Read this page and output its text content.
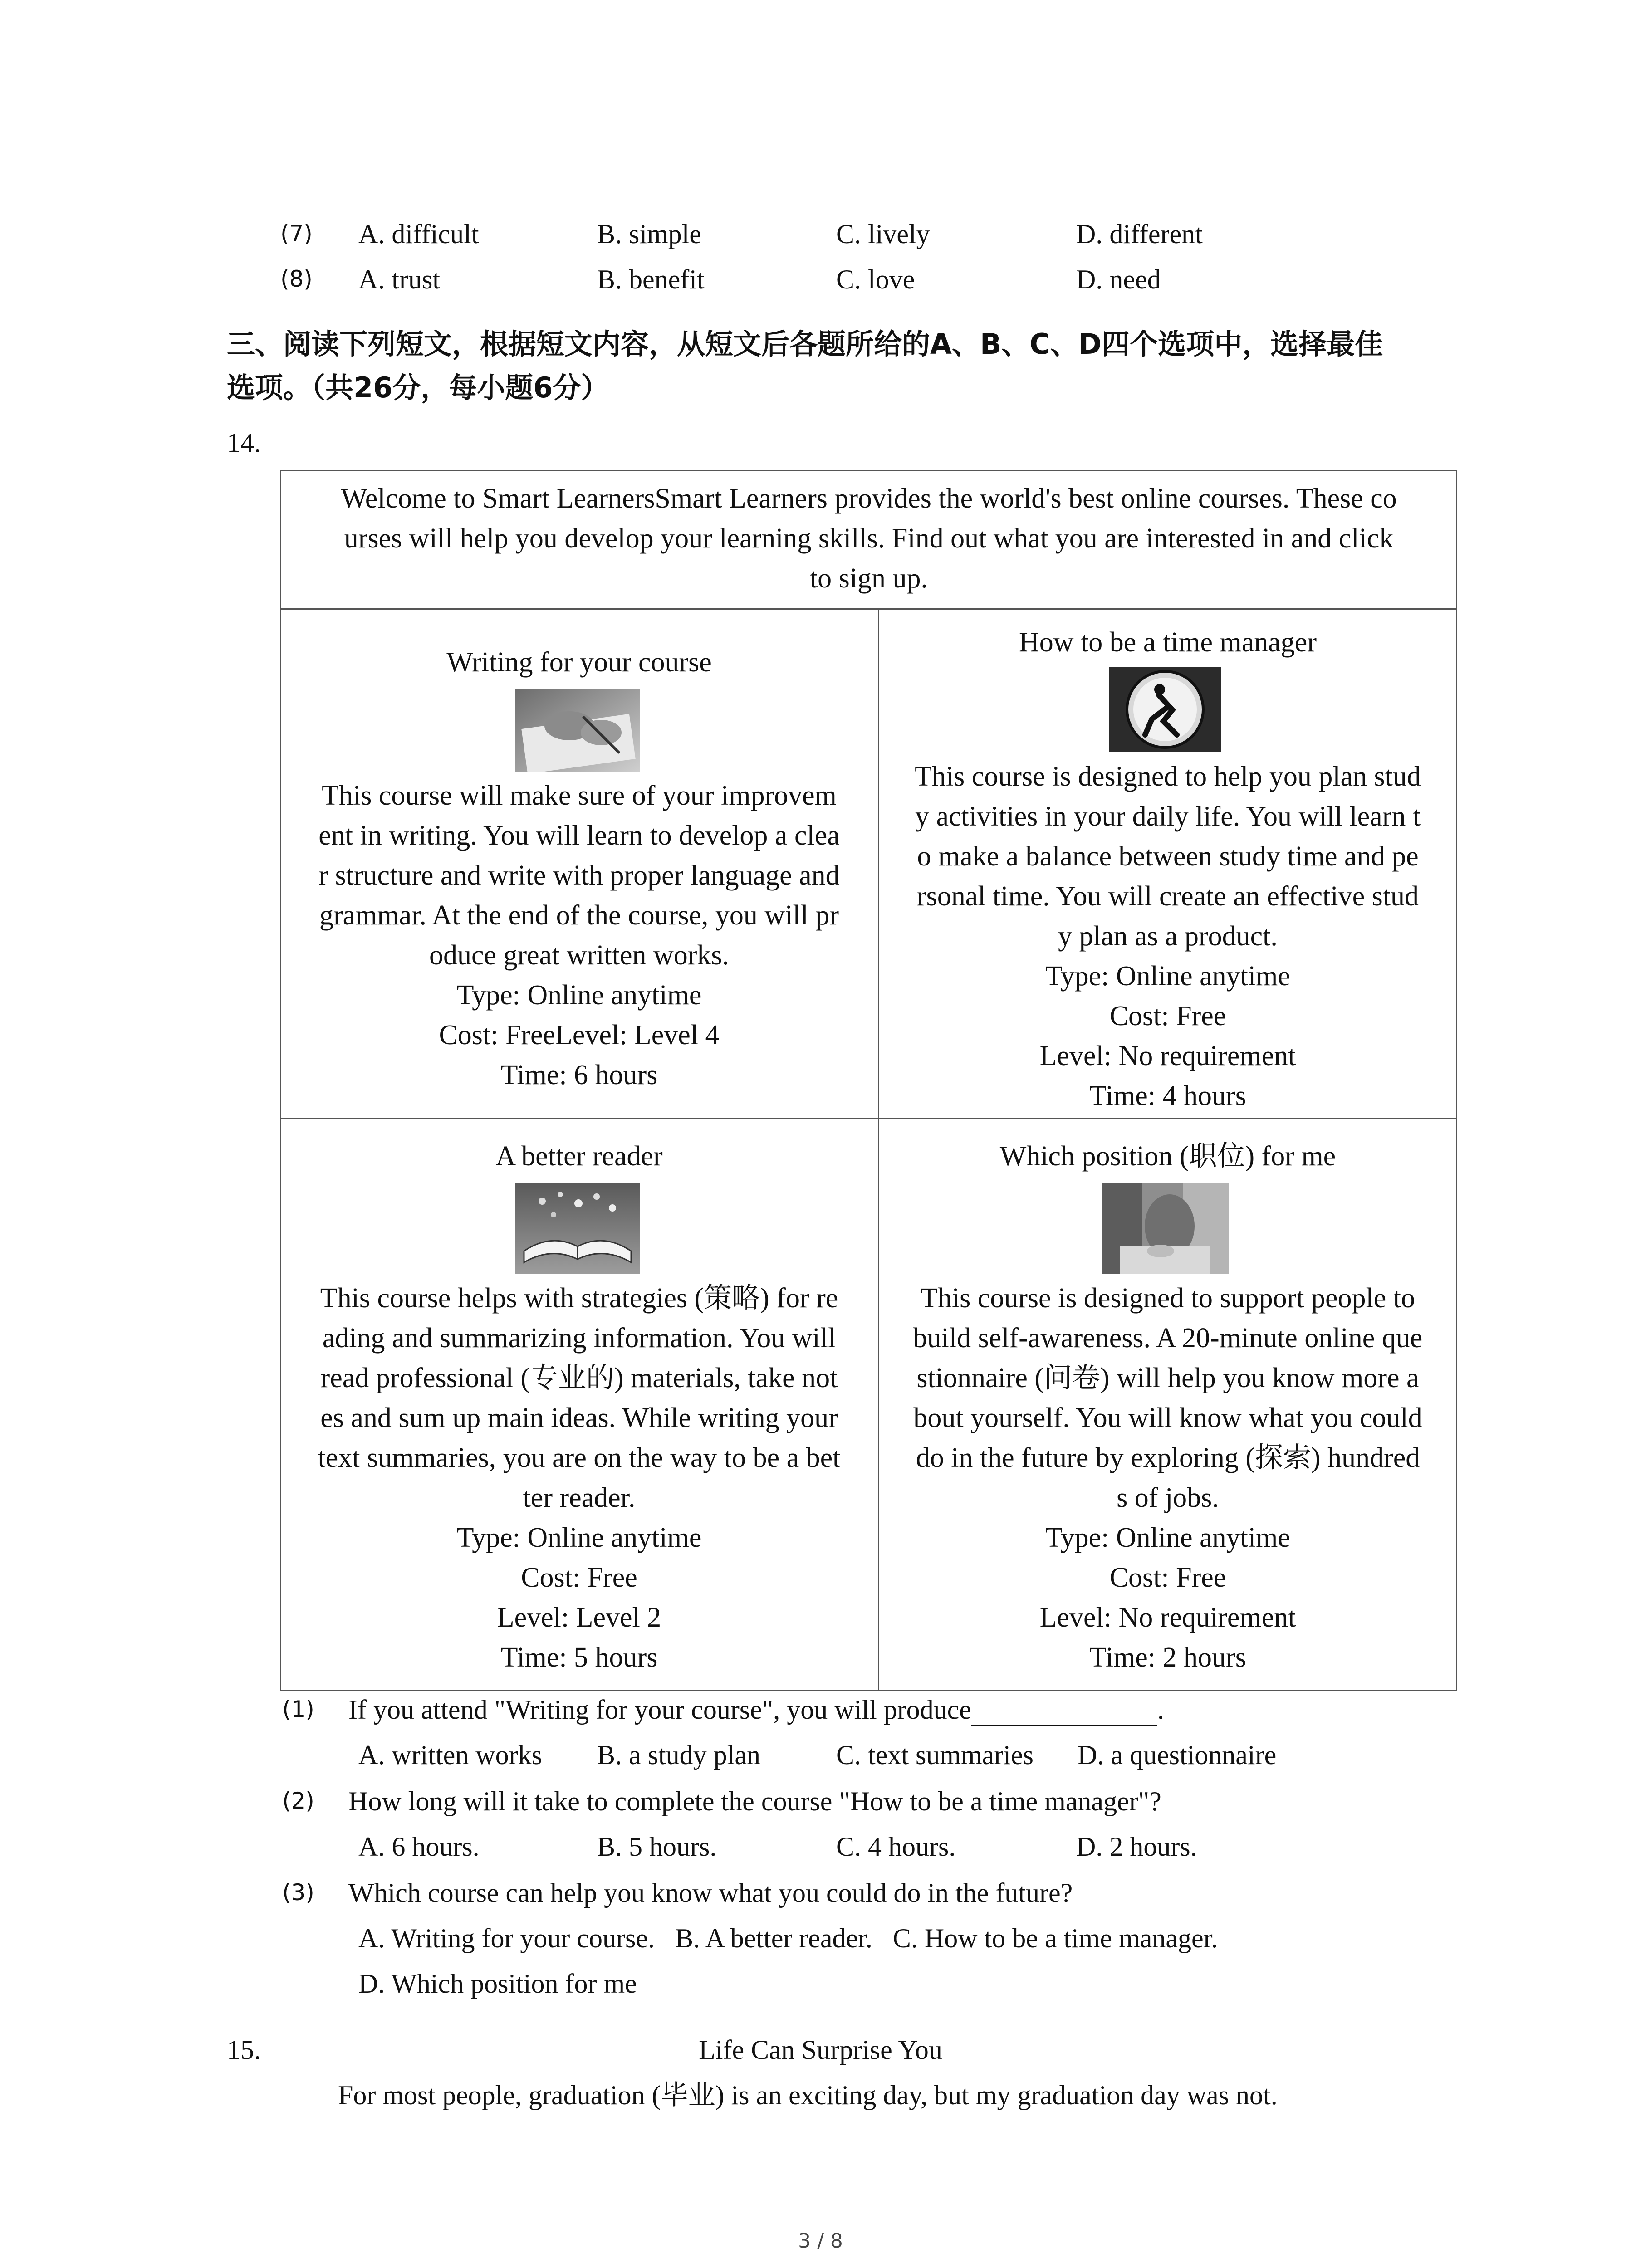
(7) A. difficult	B. simple	C. lively	D. different
(8) A. trust	B. benefit	C. love	D. need
三、阅读下列短文，根据短文内容，从短文后各题所给的A、B、C、D四个选项中，选择最佳
选项。（共26分，每小题6分）
14.
Welcome to Smart LearnersSmart Learners provides the world's best online courses. These co
urses will help you develop your learning skills. Find out what you are interested in and click
to sign up.
Writing for your course
This course will make sure of your improvem
ent in writing. You will learn to develop a clea
r structure and write with proper language and
grammar. At the end of the course, you will pr
oduce great written works.
Type: Online anytime
Cost: FreeLevel: Level 4
Time: 6 hours
How to be a time manager
This course is designed to help you plan stud
y activities in your daily life. You will learn t
o make a balance between study time and pe
rsonal time. You will create an effective stud
y plan as a product.
Type: Online anytime
Cost: Free
Level: No requirement
Time: 4 hours
A better reader
This course helps with strategies (策略) for re
ading and summarizing information. You will
read professional (专业的) materials, take not
es and sum up main ideas. While writing your
text summaries, you are on the way to be a bet
ter reader.
Type: Online anytime
Cost: Free
Level: Level 2
Time: 5 hours
Which position (职位) for me
This course is designed to support people to
build self-awareness. A 20-minute online que
stionnaire (问卷) will help you know more a
bout yourself. You will know what you could
do in the future by exploring (探索) hundred
s of jobs.
Type: Online anytime
Cost: Free
Level: No requirement
Time: 2 hours
(1) If you attend "Writing for your course", you will produce	.
A. written works B. a study plan	C. text summaries D. a questionnaire
(2) How long will it take to complete the course "How to be a time manager"?
A. 6 hours.	B. 5 hours.	C. 4 hours.	D. 2 hours.
(3) Which course can help you know what you could do in the future?
A. Writing for your course.   B. A better reader.   C. How to be a time manager.
D. Which position for me
15.	Life Can Surprise You
For most people, graduation (毕业) is an exciting day, but my graduation day was not.
3 / 8
